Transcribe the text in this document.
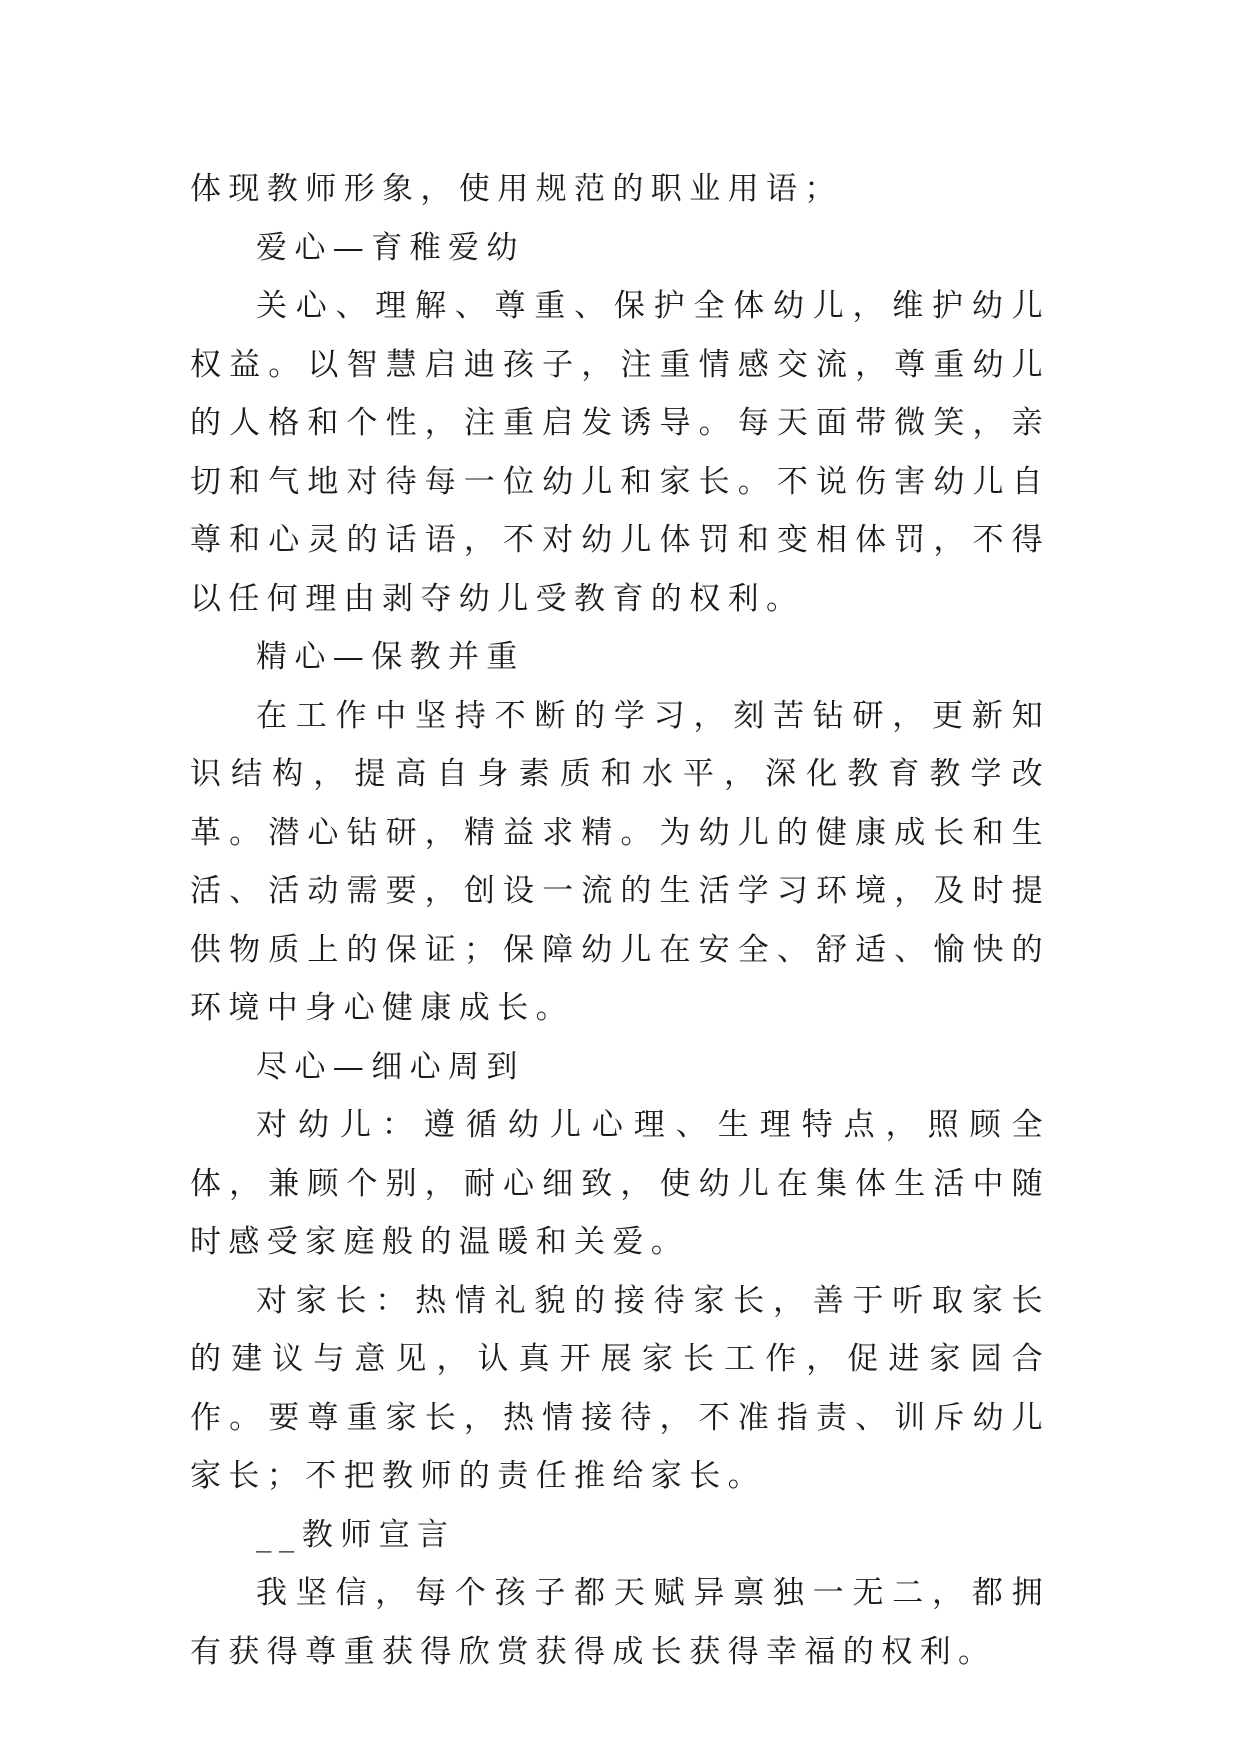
体现教师形象，使用规范的职业用语；

爱心—育稚爱幼

关心、理解、尊重、保护全体幼儿，维护幼儿权益。以智慧启迪孩子，注重情感交流，尊重幼儿的人格和个性，注重启发诱导。每天面带微笑，亲切和气地对待每一位幼儿和家长。不说伤害幼儿自尊和心灵的话语，不对幼儿体罚和变相体罚，不得以任何理由剥夺幼儿受教育的权利。

精心—保教并重

在工作中坚持不断的学习，刻苦钻研，更新知识结构，提高自身素质和水平，深化教育教学改革。潜心钻研，精益求精。为幼儿的健康成长和生活、活动需要，创设一流的生活学习环境，及时提供物质上的保证；保障幼儿在安全、舒适、愉快的环境中身心健康成长。

尽心—细心周到

对幼儿：遵循幼儿心理、生理特点，照顾全体，兼顾个别，耐心细致，使幼儿在集体生活中随时感受家庭般的温暖和关爱。

对家长：热情礼貌的接待家长，善于听取家长的建议与意见，认真开展家长工作，促进家园合作。要尊重家长，热情接待，不准指责、训斥幼儿家长；不把教师的责任推给家长。

__教师宣言

我坚信，每个孩子都天赋异禀独一无二，都拥有获得尊重获得欣赏获得成长获得幸福的权利。
